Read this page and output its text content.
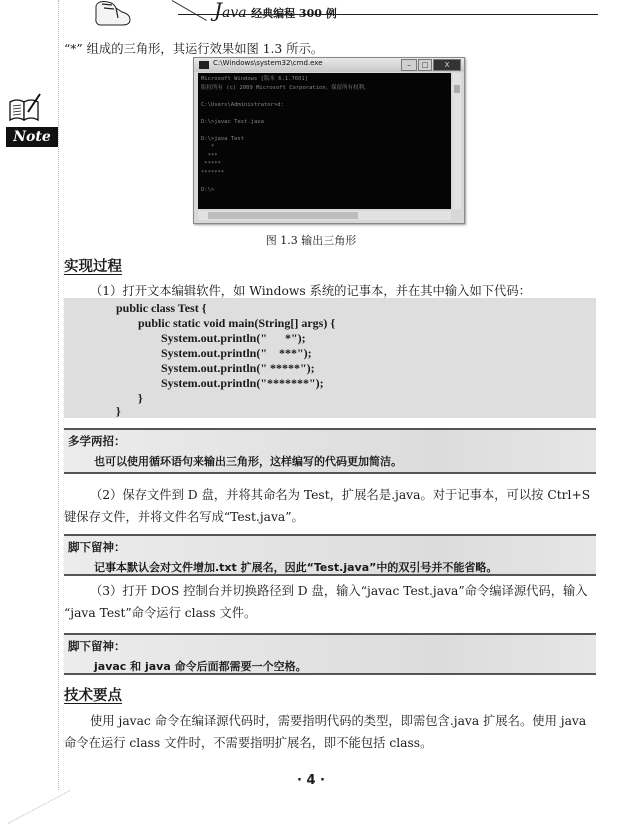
Java 经典编程 300 例

“*” 组成的三角形，其运行效果如图 1.3 所示。

Note
C:\Windows\system32\cmd.exe	–	□	X
Microsoft Windows [版本 6.1.7601]
版权所有 (c) 2009 Microsoft Corporation。保留所有权利。
C:\Users\Administrator>d:
D:\>javac Test.java
D:\>java Test
*
***
*****
*******
D:\>
图 1.3 输出三角形
实现过程

（1）打开文本编辑软件，如 Windows 系统的记事本，并在其中输入如下代码：

public class Test {
public static void main(String[] args) {
System.out.println("      *");
System.out.println("    ***");
System.out.println(" *****");
System.out.println("*******");
}
}
多学两招：
也可以使用循环语句来输出三角形，这样编写的代码更加简洁。

（2）保存文件到 D 盘，并将其命名为 Test，扩展名是.java。对于记事本，可以按 Ctrl+S

键保存文件，并将文件名写成“Test.java”。

脚下留神：
记事本默认会对文件增加.txt 扩展名，因此“Test.java”中的双引号并不能省略。

（3）打开 DOS 控制台并切换路径到 D 盘，输入“javac Test.java”命令编译源代码，输入

“java Test”命令运行 class 文件。

脚下留神：
javac 和 java 命令后面都需要一个空格。
技术要点

使用 javac 命令在编译源代码时，需要指明代码的类型，即需包含.java 扩展名。使用 java

命令在运行 class 文件时，不需要指明扩展名，即不能包括 class。

· 4 ·
